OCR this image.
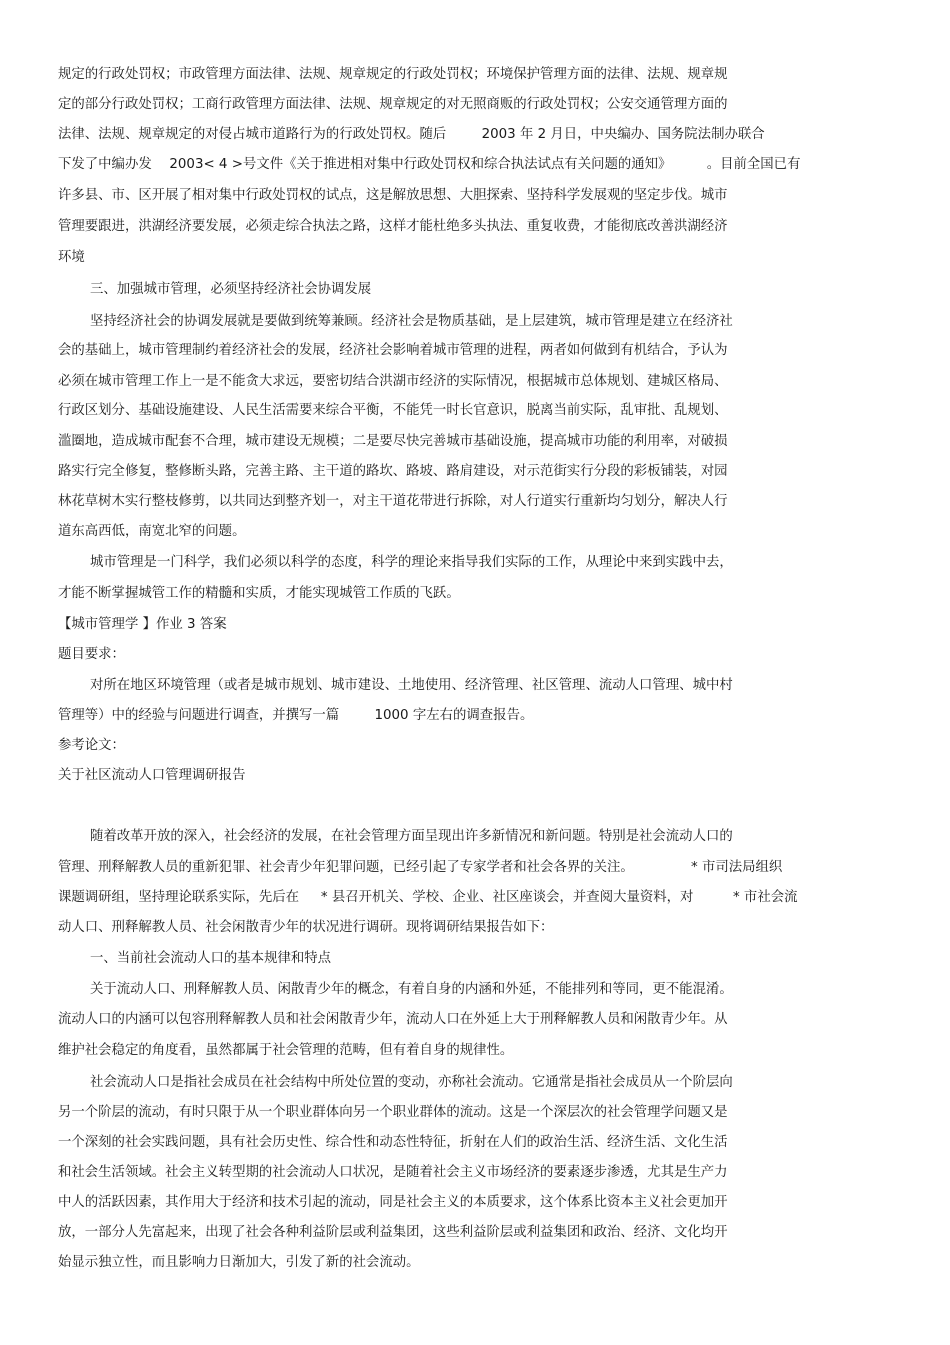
规定的行政处罚权；市政管理方面法律、法规、规章规定的行政处罚权；环境保护管理方面的法律、法规、规章规

定的部分行政处罚权；工商行政管理方面法律、法规、规章规定的对无照商贩的行政处罚权；公安交通管理方面的

法律、法规、规章规定的对侵占城市道路行为的行政处罚权。随后 　　 2003 年 2 月日，中央编办、国务院法制办联合

下发了中编办发 　2003< 4 >号文件《关于推进相对集中行政处罚权和综合执法试点有关问题的通知》 　 　。目前全国已有

许多县、市、区开展了相对集中行政处罚权的试点，这是解放思想、大胆探索、坚持科学发展观的坚定步伐。城市

管理要跟进，洪湖经济要发展，必须走综合执法之路，这样才能杜绝多头执法、重复收费，才能彻底改善洪湖经济

环境

三、加强城市管理，必须坚持经济社会协调发展

坚持经济社会的协调发展就是要做到统筹兼顾。经济社会是物质基础，是上层建筑，城市管理是建立在经济社

会的基础上，城市管理制约着经济社会的发展，经济社会影响着城市管理的进程，两者如何做到有机结合，予认为

必须在城市管理工作上一是不能贪大求远，要密切结合洪湖市经济的实际情况，根据城市总体规划、建城区格局、

行政区划分、基础设施建设、人民生活需要来综合平衡，不能凭一时长官意识，脱离当前实际，乱审批、乱规划、

滥圈地，造成城市配套不合理，城市建设无规模；二是要尽快完善城市基础设施，提高城市功能的利用率，对破损

路实行完全修复，整修断头路，完善主路、主干道的路坎、路坡、路肩建设，对示范街实行分段的彩板铺装，对园

林花草树木实行整枝修剪，以共同达到整齐划一，对主干道花带进行拆除，对人行道实行重新均匀划分，解决人行

道东高西低，南宽北窄的问题。

城市管理是一门科学，我们必须以科学的态度，科学的理论来指导我们实际的工作，从理论中来到实践中去，

才能不断掌握城管工作的精髓和实质，才能实现城管工作质的飞跃。

【城市管理学 】作业 3 答案

题目要求：

对所在地区环境管理（或者是城市规划、城市建设、土地使用、经济管理、社区管理、流动人口管理、城中村

管理等）中的经验与问题进行调查，并撰写一篇 　　 1000 字左右的调查报告。

参考论文：

关于社区流动人口管理调研报告

随着改革开放的深入，社会经济的发展，在社会管理方面呈现出许多新情况和新问题。特别是社会流动人口的

管理、刑释解教人员的重新犯罪、社会青少年犯罪问题，已经引起了专家学者和社会各界的关注。 　 　 　 * 市司法局组织

课题调研组，坚持理论联系实际，先后在 　 * 县召开机关、学校、企业、社区座谈会，并查阅大量资料，对 　 　 * 市社会流

动人口、刑释解教人员、社会闲散青少年的状况进行调研。现将调研结果报告如下：

一、当前社会流动人口的基本规律和特点

关于流动人口、刑释解教人员、闲散青少年的概念，有着自身的内涵和外延，不能排列和等同，更不能混淆。

流动人口的内涵可以包容刑释解教人员和社会闲散青少年，流动人口在外延上大于刑释解教人员和闲散青少年。从

维护社会稳定的角度看，虽然都属于社会管理的范畴，但有着自身的规律性。

社会流动人口是指社会成员在社会结构中所处位置的变动，亦称社会流动。它通常是指社会成员从一个阶层向

另一个阶层的流动，有时只限于从一个职业群体向另一个职业群体的流动。这是一个深层次的社会管理学问题又是

一个深刻的社会实践问题，具有社会历史性、综合性和动态性特征，折射在人们的政治生活、经济生活、文化生活

和社会生活领域。社会主义转型期的社会流动人口状况，是随着社会主义市场经济的要素逐步渗透，尤其是生产力

中人的活跃因素，其作用大于经济和技术引起的流动，同是社会主义的本质要求，这个体系比资本主义社会更加开

放，一部分人先富起来，出现了社会各种利益阶层或利益集团，这些利益阶层或利益集团和政治、经济、文化均开

始显示独立性，而且影响力日渐加大，引发了新的社会流动。
